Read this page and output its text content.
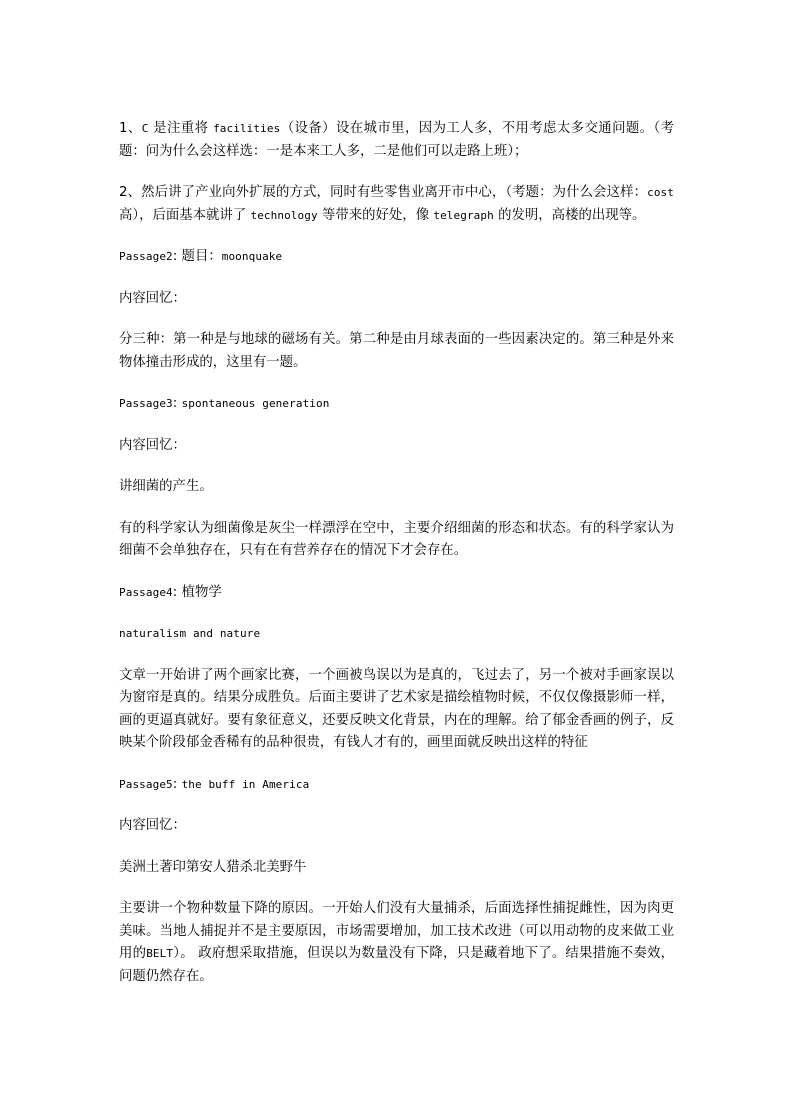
1、C 是注重将 facilities（设备）设在城市里，因为工人多，不用考虑太多交通问题。（考题：问为什么会这样选：一是本来工人多，二是他们可以走路上班）；

2、然后讲了产业向外扩展的方式，同时有些零售业离开市中心，（考题：为什么会这样：cost高），后面基本就讲了 technology 等带来的好处，像 telegraph 的发明，高楼的出现等。

Passage2: 题目：moonquake

内容回忆：

分三种：第一种是与地球的磁场有关。第二种是由月球表面的一些因素决定的。第三种是外来物体撞击形成的，这里有一题。

Passage3: spontaneous generation

内容回忆：

讲细菌的产生。

有的科学家认为细菌像是灰尘一样漂浮在空中，主要介绍细菌的形态和状态。有的科学家认为细菌不会单独存在，只有在有营养存在的情况下才会存在。

Passage4: 植物学

naturalism and nature

文章一开始讲了两个画家比赛，一个画被鸟误以为是真的，飞过去了，另一个被对手画家误以为窗帘是真的。结果分成胜负。后面主要讲了艺术家是描绘植物时候，不仅仅像摄影师一样，画的更逼真就好。要有象征意义，还要反映文化背景，内在的理解。给了郁金香画的例子，反映某个阶段郁金香稀有的品种很贵，有钱人才有的，画里面就反映出这样的特征

Passage5: the buff in America

内容回忆：

美洲土著印第安人猎杀北美野牛

主要讲一个物种数量下降的原因。一开始人们没有大量捕杀，后面选择性捕捉雌性，因为肉更美味。当地人捕捉并不是主要原因，市场需要增加，加工技术改进（可以用动物的皮来做工业用的BELT）。 政府想采取措施，但误以为数量没有下降，只是藏着地下了。结果措施不奏效，问题仍然存在。
